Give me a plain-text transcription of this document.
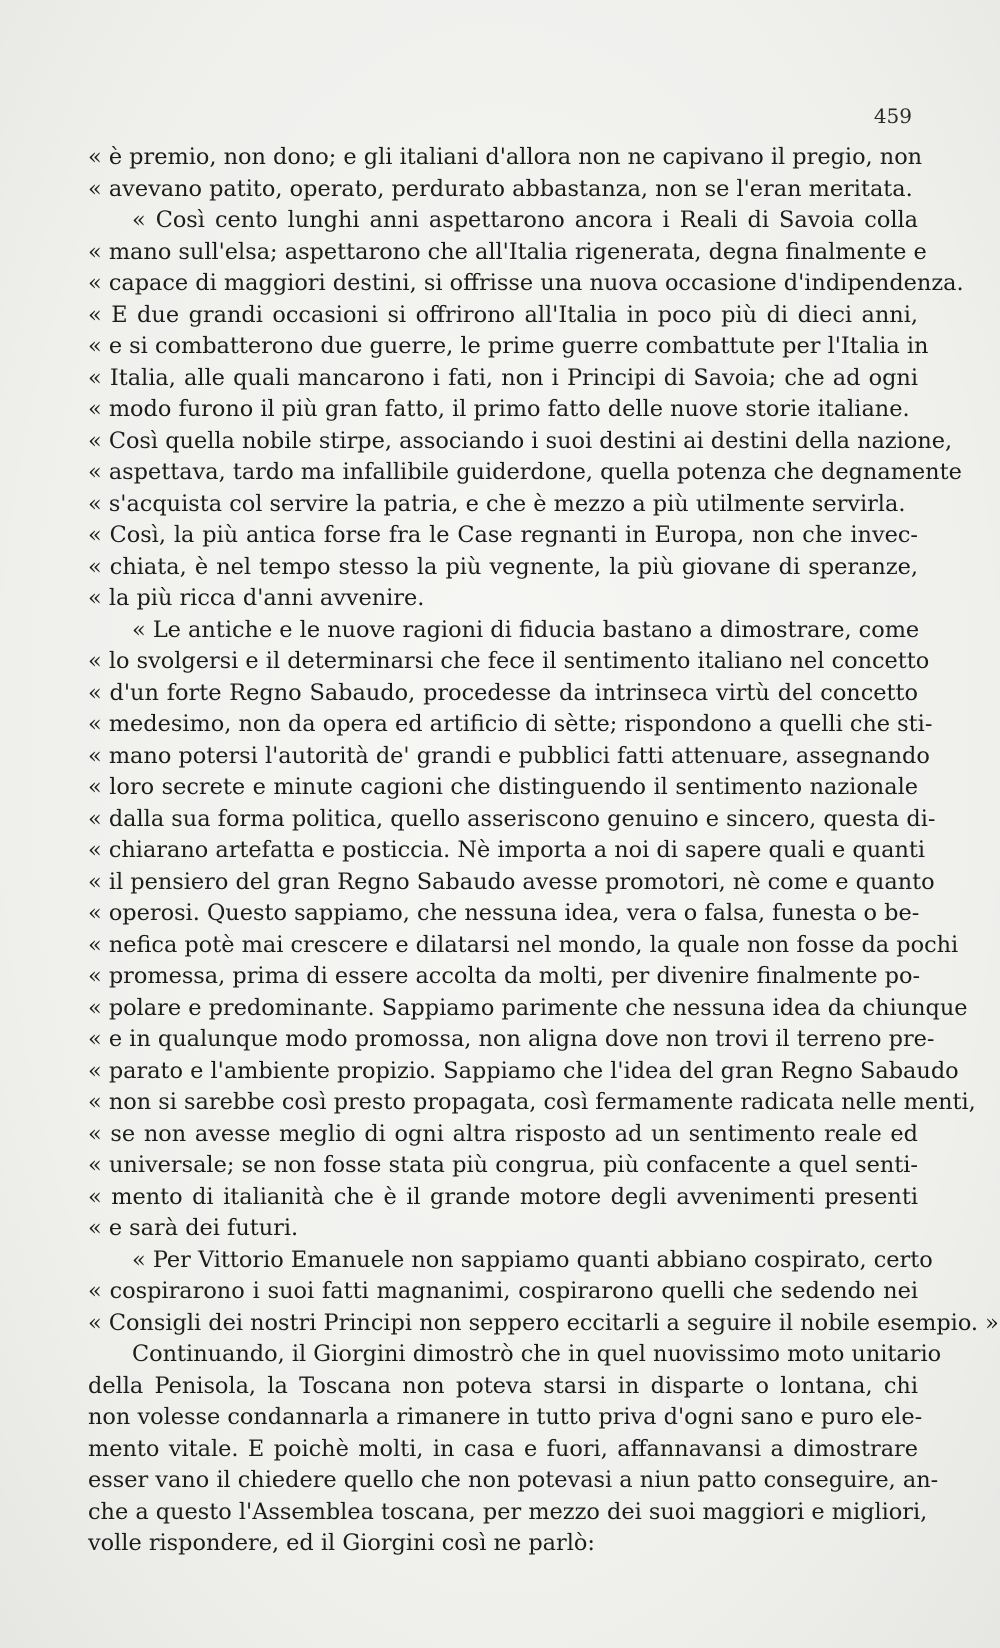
459
« è premio, non dono; e gli italiani d'allora non ne capivano il pregio, non
« avevano patito, operato, perdurato abbastanza, non se l'eran meritata.
« Così cento lunghi anni aspettarono ancora i Reali di Savoia colla
« mano sull'elsa; aspettarono che all'Italia rigenerata, degna finalmente e
« capace di maggiori destini, si offrisse una nuova occasione d'indipendenza.
« E due grandi occasioni si offrirono all'Italia in poco più di dieci anni,
« e si combatterono due guerre, le prime guerre combattute per l'Italia in
« Italia, alle quali mancarono i fati, non i Principi di Savoia; che ad ogni
« modo furono il più gran fatto, il primo fatto delle nuove storie italiane.
« Così quella nobile stirpe, associando i suoi destini ai destini della nazione,
« aspettava, tardo ma infallibile guiderdone, quella potenza che degnamente
« s'acquista col servire la patria, e che è mezzo a più utilmente servirla.
« Così, la più antica forse fra le Case regnanti in Europa, non che invec-
« chiata, è nel tempo stesso la più vegnente, la più giovane di speranze,
« la più ricca d'anni avvenire.
« Le antiche e le nuove ragioni di fiducia bastano a dimostrare, come
« lo svolgersi e il determinarsi che fece il sentimento italiano nel concetto
« d'un forte Regno Sabaudo, procedesse da intrinseca virtù del concetto
« medesimo, non da opera ed artificio di sètte; rispondono a quelli che sti-
« mano potersi l'autorità de' grandi e pubblici fatti attenuare, assegnando
« loro secrete e minute cagioni che distinguendo il sentimento nazionale
« dalla sua forma politica, quello asseriscono genuino e sincero, questa di-
« chiarano artefatta e posticcia. Nè importa a noi di sapere quali e quanti
« il pensiero del gran Regno Sabaudo avesse promotori, nè come e quanto
« operosi. Questo sappiamo, che nessuna idea, vera o falsa, funesta o be-
« nefica potè mai crescere e dilatarsi nel mondo, la quale non fosse da pochi
« promessa, prima di essere accolta da molti, per divenire finalmente po-
« polare e predominante. Sappiamo parimente che nessuna idea da chiunque
« e in qualunque modo promossa, non aligna dove non trovi il terreno pre-
« parato e l'ambiente propizio. Sappiamo che l'idea del gran Regno Sabaudo
« non si sarebbe così presto propagata, così fermamente radicata nelle menti,
« se non avesse meglio di ogni altra risposto ad un sentimento reale ed
« universale; se non fosse stata più congrua, più confacente a quel senti-
« mento di italianità che è il grande motore degli avvenimenti presenti
« e sarà dei futuri.
« Per Vittorio Emanuele non sappiamo quanti abbiano cospirato, certo
« cospirarono i suoi fatti magnanimi, cospirarono quelli che sedendo nei
« Consigli dei nostri Principi non seppero eccitarli a seguire il nobile esempio. »
Continuando, il Giorgini dimostrò che in quel nuovissimo moto unitario
della Penisola, la Toscana non poteva starsi in disparte o lontana, chi
non volesse condannarla a rimanere in tutto priva d'ogni sano e puro ele-
mento vitale. E poichè molti, in casa e fuori, affannavansi a dimostrare
esser vano il chiedere quello che non potevasi a niun patto conseguire, an-
che a questo l'Assemblea toscana, per mezzo dei suoi maggiori e migliori,
volle rispondere, ed il Giorgini così ne parlò:
